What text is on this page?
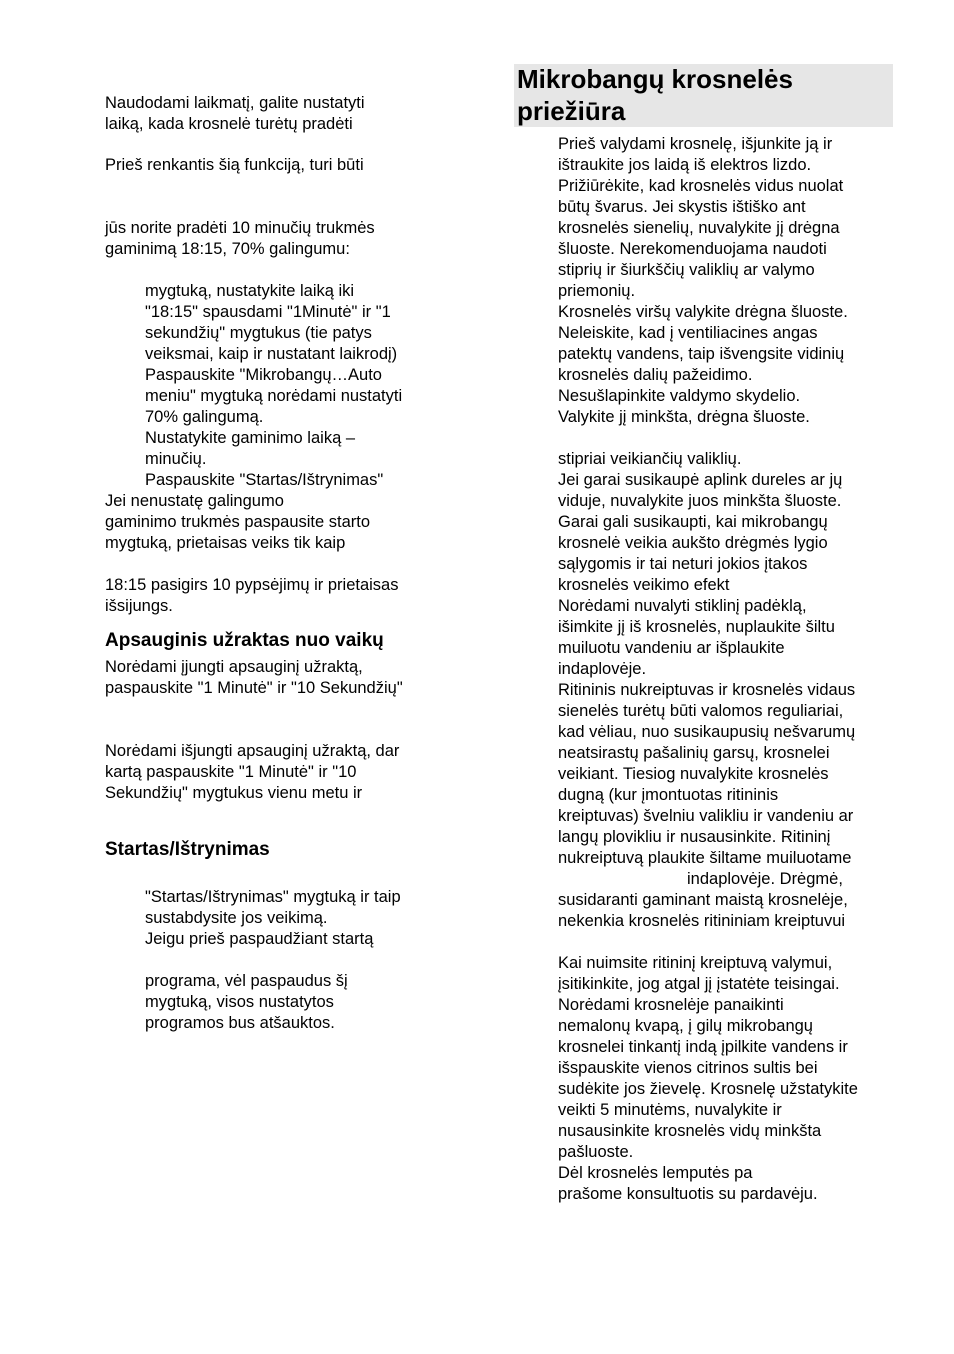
Naudodami laikmatį, galite nustatyti
laiką, kada krosnelė turėtų pradėti
Prieš renkantis šią funkciją, turi būti
jūs norite pradėti 10 minučių trukmės
gaminimą 18:15, 70% galingumu:
mygtuką, nustatykite laiką iki
"18:15" spausdami "1Minutė" ir "1
sekundžių" mygtukus (tie patys
veiksmai, kaip ir nustatant laikrodį)
Paspauskite "Mikrobangų…Auto
meniu" mygtuką norėdami nustatyti
70% galingumą.
Nustatykite gaminimo laiką –
minučių.
Paspauskite "Startas/Ištrynimas"
Jei nenustatę galingumo
gaminimo trukmės paspausite starto
mygtuką, prietaisas veiks tik kaip
18:15 pasigirs 10 pypsėjimų ir prietaisas
išsijungs.
Apsauginis užraktas nuo vaikų
Norėdami įjungti apsauginį užraktą,
paspauskite "1 Minutė" ir "10 Sekundžių"
Norėdami išjungti apsauginį užraktą, dar
kartą paspauskite "1 Minutė" ir "10
Sekundžių" mygtukus vienu metu ir
Startas/Ištrynimas
"Startas/Ištrynimas" mygtuką ir taip
sustabdysite jos veikimą.
Jeigu prieš paspaudžiant startą
programa, vėl paspaudus šį
mygtuką, visos nustatytos
programos bus atšauktos.
Mikrobangų krosnelės
priežiūra
Prieš valydami krosnelę, išjunkite ją ir
ištraukite jos laidą iš elektros lizdo.
Prižiūrėkite, kad krosnelės vidus nuolat
būtų švarus. Jei skystis ištiško ant
krosnelės sienelių, nuvalykite jį drėgna
šluoste. Nerekomenduojama naudoti
stiprių ir šiurkščių valiklių ar valymo
priemonių.
Krosnelės viršų valykite drėgna šluoste.
Neleiskite, kad į ventiliacines angas
patektų vandens, taip išvengsite vidinių
krosnelės dalių pažeidimo.
Nesušlapinkite valdymo skydelio.
Valykite jį minkšta, drėgna šluoste.
stipriai veikiančių valiklių.
Jei garai susikaupė aplink dureles ar jų
viduje, nuvalykite juos minkšta šluoste.
Garai gali susikaupti, kai mikrobangų
krosnelė veikia aukšto drėgmės lygio
sąlygomis ir tai neturi jokios įtakos
krosnelės veikimo efekt
Norėdami nuvalyti stiklinį padėklą,
išimkite jį iš krosnelės, nuplaukite šiltu
muiluotu vandeniu ar išplaukite
indaplovėje.
Ritininis nukreiptuvas ir krosnelės vidaus
sienelės turėtų būti valomos reguliariai,
kad vėliau, nuo susikaupusių nešvarumų
neatsirastų pašalinių garsų, krosnelei
veikiant. Tiesiog nuvalykite krosnelės
dugną (kur įmontuotas ritininis
kreiptuvas) švelniu valikliu ir vandeniu ar
langų plovikliu ir nusausinkite. Ritininį
nukreiptuvą plaukite šiltame muiluotame
indaplovėje. Drėgmė,
susidaranti gaminant maistą krosnelėje,
nekenkia krosnelės ritininiam kreiptuvui
Kai nuimsite ritininį kreiptuvą valymui,
įsitikinkite, jog atgal jį įstatėte teisingai.
Norėdami krosnelėje panaikinti
nemalonų kvapą, į gilų mikrobangų
krosnelei tinkantį indą įpilkite vandens ir
išspauskite vienos citrinos sultis bei
sudėkite jos žievelę. Krosnelę užstatykite
veikti 5 minutėms, nuvalykite ir
nusausinkite krosnelės vidų minkšta
pašluoste.
Dėl krosnelės lemputės pa
prašome konsultuotis su pardavėju.
